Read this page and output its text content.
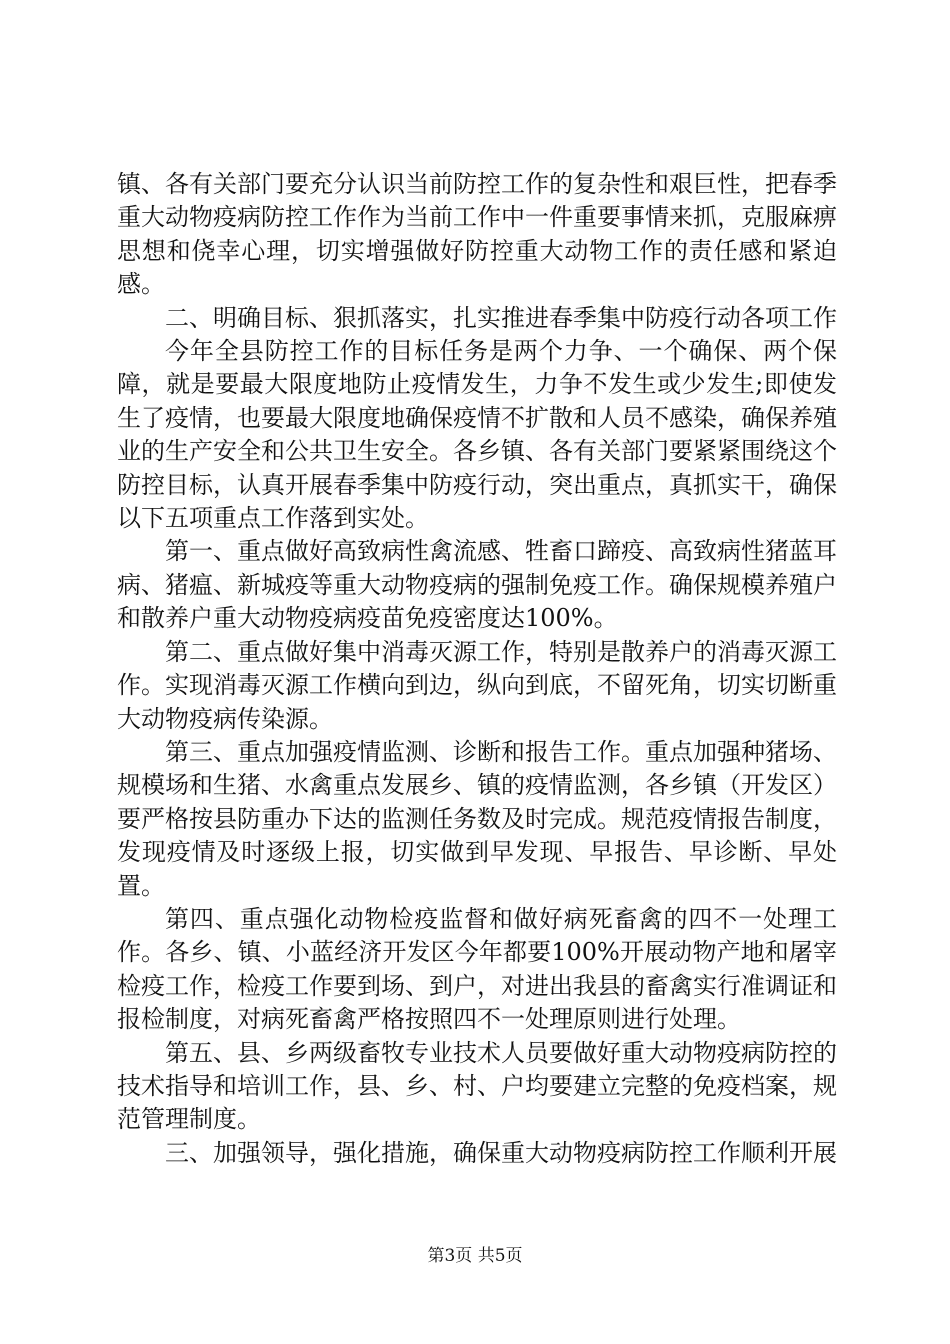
镇、各有关部门要充分认识当前防控工作的复杂性和艰巨性，把春季重大动物疫病防控工作作为当前工作中一件重要事情来抓，克服麻痹思想和侥幸心理，切实增强做好防控重大动物工作的责任感和紧迫感。

二、明确目标、狠抓落实，扎实推进春季集中防疫行动各项工作

今年全县防控工作的目标任务是两个力争、一个确保、两个保障，就是要最大限度地防止疫情发生，力争不发生或少发生;即使发生了疫情，也要最大限度地确保疫情不扩散和人员不感染，确保养殖业的生产安全和公共卫生安全。各乡镇、各有关部门要紧紧围绕这个防控目标，认真开展春季集中防疫行动，突出重点，真抓实干，确保以下五项重点工作落到实处。

第一、重点做好高致病性禽流感、牲畜口蹄疫、高致病性猪蓝耳病、猪瘟、新城疫等重大动物疫病的强制免疫工作。确保规模养殖户和散养户重大动物疫病疫苗免疫密度达100%。

第二、重点做好集中消毒灭源工作，特别是散养户的消毒灭源工作。实现消毒灭源工作横向到边，纵向到底，不留死角，切实切断重大动物疫病传染源。

第三、重点加强疫情监测、诊断和报告工作。重点加强种猪场、规模场和生猪、水禽重点发展乡、镇的疫情监测，各乡镇（开发区）要严格按县防重办下达的监测任务数及时完成。规范疫情报告制度，发现疫情及时逐级上报，切实做到早发现、早报告、早诊断、早处置。

第四、重点强化动物检疫监督和做好病死畜禽的四不一处理工作。各乡、镇、小蓝经济开发区今年都要100%开展动物产地和屠宰检疫工作，检疫工作要到场、到户，对进出我县的畜禽实行准调证和报检制度，对病死畜禽严格按照四不一处理原则进行处理。

第五、县、乡两级畜牧专业技术人员要做好重大动物疫病防控的技术指导和培训工作，县、乡、村、户均要建立完整的免疫档案，规范管理制度。

三、加强领导，强化措施，确保重大动物疫病防控工作顺利开展

第3页 共5页
